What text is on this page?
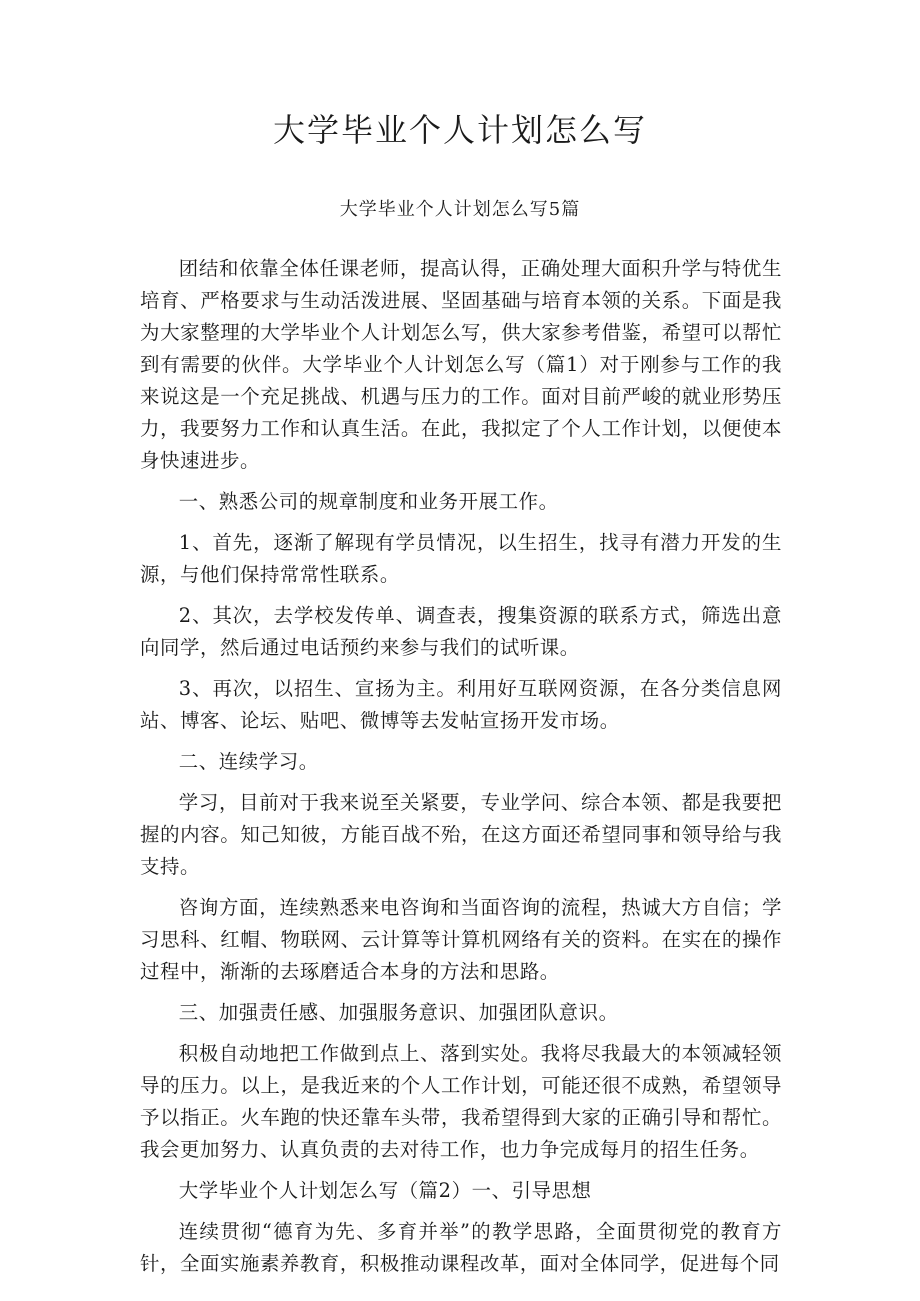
大学毕业个人计划怎么写
大学毕业个人计划怎么写5篇

团结和依靠全体任课老师，提高认得，正确处理大面积升学与特优生培育、严格要求与生动活泼进展、坚固基础与培育本领的关系。下面是我为大家整理的大学毕业个人计划怎么写，供大家参考借鉴，希望可以帮忙到有需要的伙伴。大学毕业个人计划怎么写（篇1）对于刚参与工作的我来说这是一个充足挑战、机遇与压力的工作。面对目前严峻的就业形势压力，我要努力工作和认真生活。在此，我拟定了个人工作计划，以便使本身快速进步。

一、熟悉公司的规章制度和业务开展工作。

1、首先，逐渐了解现有学员情况，以生招生，找寻有潜力开发的生源，与他们保持常常性联系。

2、其次，去学校发传单、调查表，搜集资源的联系方式，筛选出意向同学，然后通过电话预约来参与我们的试听课。

3、再次，以招生、宣扬为主。利用好互联网资源，在各分类信息网站、博客、论坛、贴吧、微博等去发帖宣扬开发市场。

二、连续学习。

学习，目前对于我来说至关紧要，专业学问、综合本领、都是我要把握的内容。知己知彼，方能百战不殆，在这方面还希望同事和领导给与我支持。

咨询方面，连续熟悉来电咨询和当面咨询的流程，热诚大方自信；学习思科、红帽、物联网、云计算等计算机网络有关的资料。在实在的操作过程中，渐渐的去琢磨适合本身的方法和思路。

三、加强责任感、加强服务意识、加强团队意识。

积极自动地把工作做到点上、落到实处。我将尽我最大的本领减轻领导的压力。以上，是我近来的个人工作计划，可能还很不成熟，希望领导予以指正。火车跑的快还靠车头带，我希望得到大家的正确引导和帮忙。我会更加努力、认真负责的去对待工作，也力争完成每月的招生任务。

大学毕业个人计划怎么写（篇2）一、引导思想

连续贯彻“德育为先、多育并举”的教学思路，全面贯彻党的教育方针，全面实施素养教育，积极推动课程改革，面对全体同学，促进每个同
